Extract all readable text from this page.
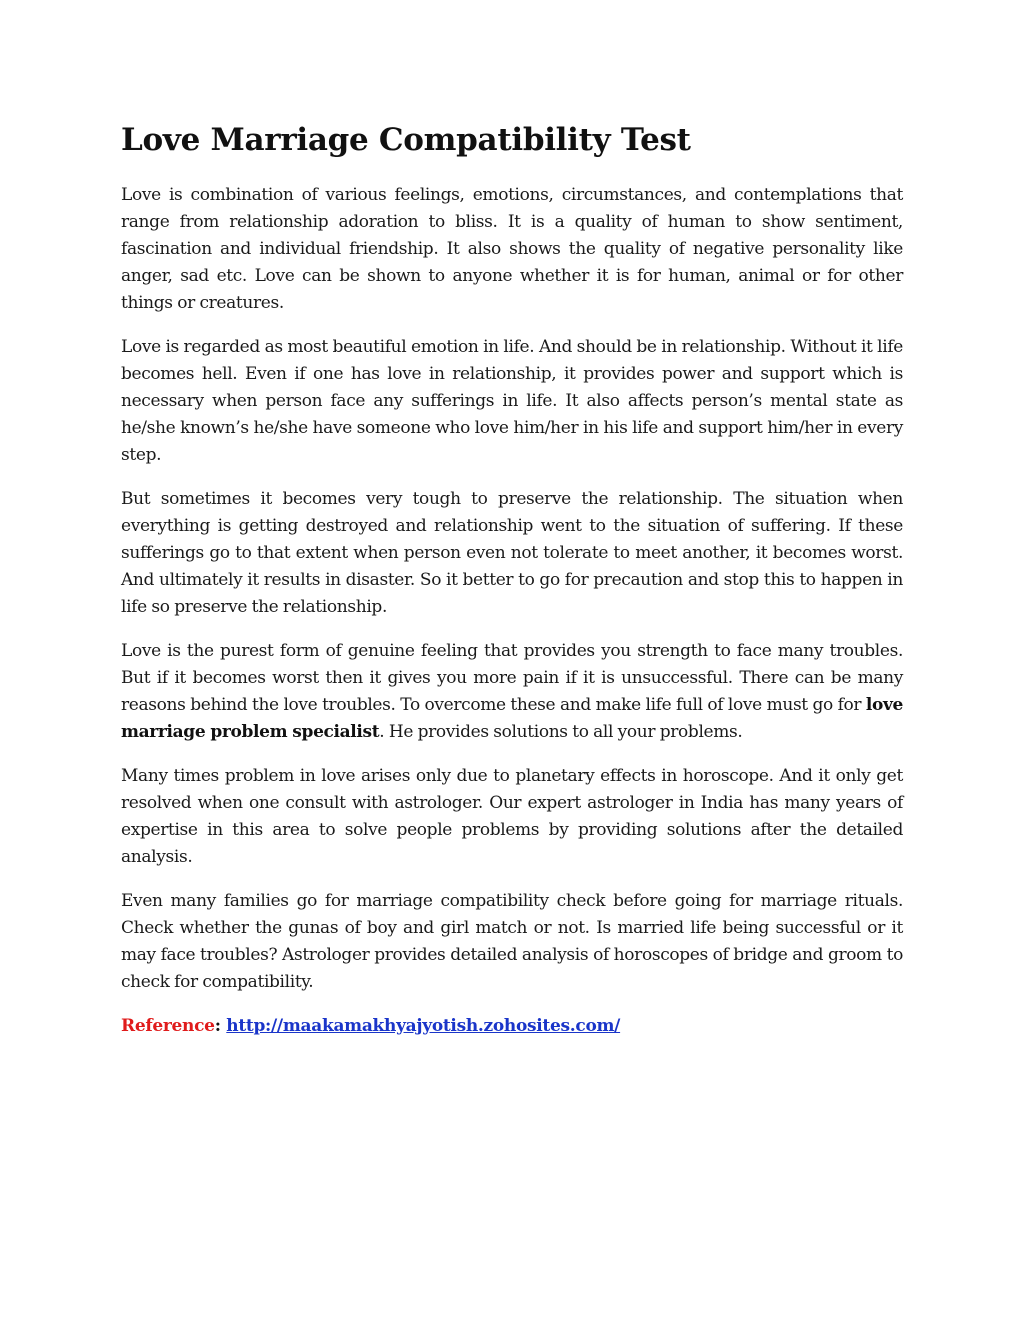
Love Marriage Compatibility Test

Love is combination of various feelings, emotions, circumstances, and contemplations that range from relationship adoration to bliss. It is a quality of human to show sentiment, fascination and individual friendship. It also shows the quality of negative personality like anger, sad etc. Love can be shown to anyone whether it is for human, animal or for other things or creatures.

Love is regarded as most beautiful emotion in life. And should be in relationship. Without it life becomes hell. Even if one has love in relationship, it provides power and support which is necessary when person face any sufferings in life. It also affects person’s mental state as he/she known’s he/she have someone who love him/her in his life and support him/her in every step.

But sometimes it becomes very tough to preserve the relationship. The situation when everything is getting destroyed and relationship went to the situation of suffering. If these sufferings go to that extent when person even not tolerate to meet another, it becomes worst. And ultimately it results in disaster. So it better to go for precaution and stop this to happen in life so preserve the relationship.

Love is the purest form of genuine feeling that provides you strength to face many troubles. But if it becomes worst then it gives you more pain if it is unsuccessful. There can be many reasons behind the love troubles. To overcome these and make life full of love must go for love marriage problem specialist. He provides solutions to all your problems.

Many times problem in love arises only due to planetary effects in horoscope. And it only get resolved when one consult with astrologer. Our expert astrologer in India has many years of expertise in this area to solve people problems by providing solutions after the detailed analysis.

Even many families go for marriage compatibility check before going for marriage rituals. Check whether the gunas of boy and girl match or not. Is married life being successful or it may face troubles? Astrologer provides detailed analysis of horoscopes of bridge and groom to check for compatibility.

Reference: http://maakamakhyajyotish.zohosites.com/
